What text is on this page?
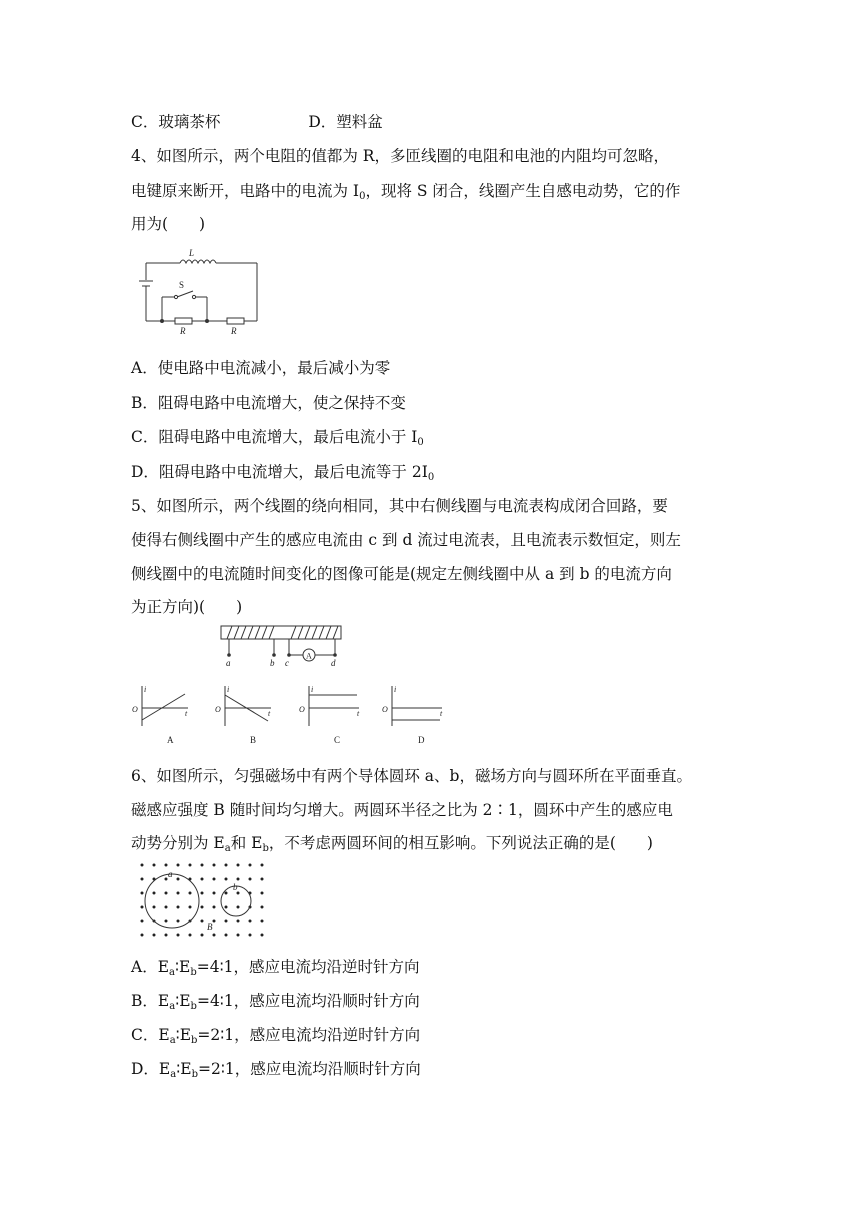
C．玻璃茶杯	D．塑料盆
4、如图所示，两个电阻的值都为 R，多匝线圈的电阻和电池的内阻均可忽略，
电键原来断开，电路中的电流为 $I_0$，现将 S 闭合，线圈产生自感电动势，它的作
用为(　　)
L
S
R	R
A．使电路中电流减小，最后减小为零
B．阻碍电路中电流增大，使之保持不变
C．阻碍电路中电流增大，最后电流小于 $I_0$
D．阻碍电路中电流增大，最后电流等于 $2I_0$
5、如图所示，两个线圈的绕向相同，其中右侧线圈与电流表构成闭合回路，要
使得右侧线圈中产生的感应电流由 c 到 d 流过电流表，且电流表示数恒定，则左
侧线圈中的电流随时间变化的图像可能是(规定左侧线圈中从 a 到 b 的电流方向
为正方向)(　　)
A
a	b c	d
i
t
O
A
i
t
O
B
i
t
O
C
i
t
O
D
6、如图所示，匀强磁场中有两个导体圆环 a、b，磁场方向与圆环所在平面垂直。
磁感应强度 B 随时间均匀增大。两圆环半径之比为 2∶1，圆环中产生的感应电
动势分别为 $E_a$和 $E_b$，不考虑两圆环间的相互影响。下列说法正确的是(　　)
a
b
B
A．$E_a∶E_b=4∶1$，感应电流均沿逆时针方向
B．$E_a∶E_b=4∶1$，感应电流均沿顺时针方向
C．$E_a∶E_b=2∶1$，感应电流均沿逆时针方向
D．$E_a∶E_b=2∶1$，感应电流均沿顺时针方向
